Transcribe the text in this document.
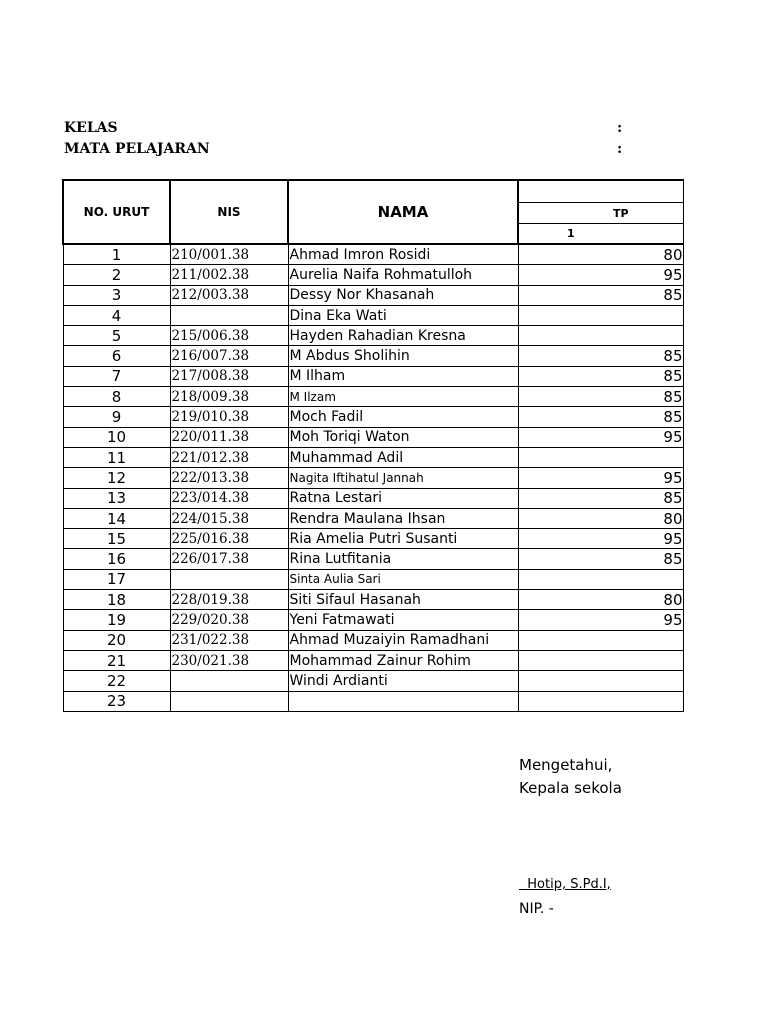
KELAS	:
MATA PELAJARAN	:
NO. URUT	NIS	NAMA	
			TP
			1
1	210/001.38	Ahmad Imron Rosidi	80
2	211/002.38	Aurelia Naifa Rohmatulloh	95
3	212/003.38	Dessy Nor Khasanah	85
4		Dina Eka Wati	
5	215/006.38	Hayden Rahadian Kresna	
6	216/007.38	M Abdus Sholihin	85
7	217/008.38	M Ilham	85
8	218/009.38	M Ilzam	85
9	219/010.38	Moch Fadil	85
10	220/011.38	Moh Toriqi Waton	95
11	221/012.38	Muhammad Adil	
12	222/013.38	Nagita Iftihatul Jannah	95
13	223/014.38	Ratna Lestari	85
14	224/015.38	Rendra Maulana Ihsan	80
15	225/016.38	Ria Amelia Putri Susanti	95
16	226/017.38	Rina Lutfitania	85
17		Sinta Aulia Sari	
18	228/019.38	Siti Sifaul Hasanah	80
19	229/020.38	Yeni Fatmawati	95
20	231/022.38	Ahmad Muzaiyin Ramadhani	
21	230/021.38	Mohammad Zainur Rohim	
22		Windi Ardianti	
23			
Mengetahui,
Kepala sekola
Hotip, S.Pd.I,
NIP. -
